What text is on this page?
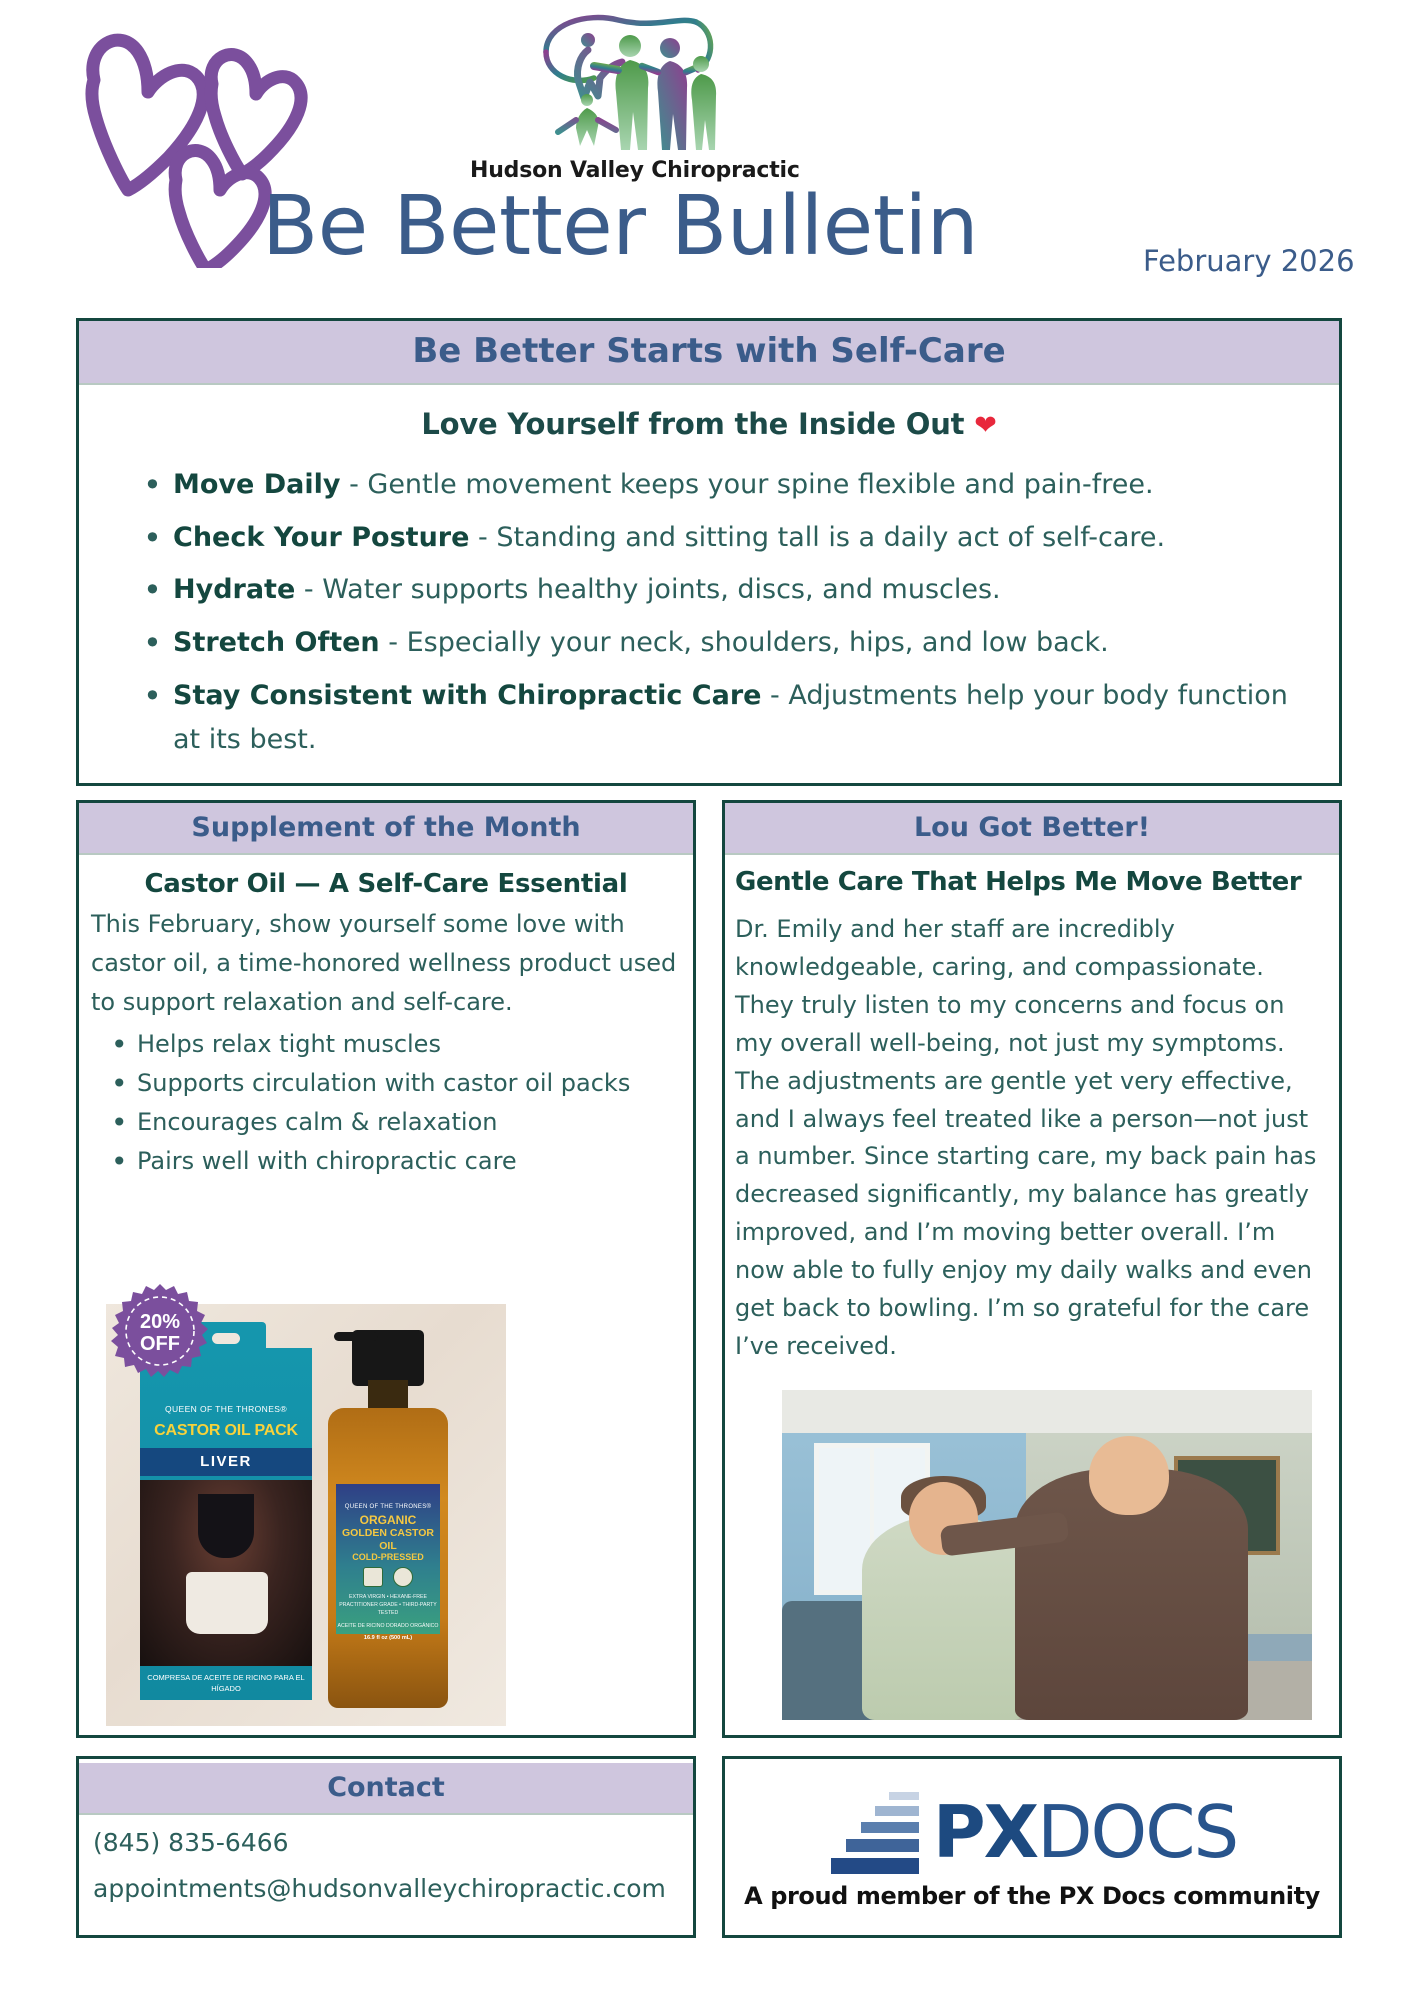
Hudson Valley Chiropractic
Be Better Bulletin	February 2026
Be Better Starts with Self-Care
Love Yourself from the Inside Out ❤
• Move Daily - Gentle movement keeps your spine flexible and pain-free.
• Check Your Posture - Standing and sitting tall is a daily act of self-care.
• Hydrate - Water supports healthy joints, discs, and muscles.
• Stretch Often - Especially your neck, shoulders, hips, and low back.
• Stay Consistent with Chiropractic Care - Adjustments help your body function at its best.
Supplement of the Month
Castor Oil — A Self-Care Essential
This February, show yourself some love with castor oil, a time-honored wellness product used to support relaxation and self-care.
• Helps relax tight muscles
• Supports circulation with castor oil packs
• Encourages calm & relaxation
• Pairs well with chiropractic care
QUEEN OF THE THRONES®
CASTOR OIL PACK
LIVER
COMPRESA DE ACEITE DE RICINO PARA EL HÍGADO
QUEEN OF THE THRONES®
ORGANIC
GOLDEN CASTOR OIL
COLD-PRESSED

EXTRA VIRGIN • HEXANE-FREE PRACTITIONER GRADE • THIRD-PARTY TESTED
ACEITE DE RICINO DORADO ORGÁNICO
16.9 fl oz (500 mL)
20%
OFF
Lou Got Better!
Gentle Care That Helps Me Move Better
Dr. Emily and her staff are incredibly knowledgeable, caring, and compassionate. They truly listen to my concerns and focus on my overall well-being, not just my symptoms. The adjustments are gentle yet very effective, and I always feel treated like a person—not just a number. Since starting care, my back pain has decreased significantly, my balance has greatly improved, and I’m moving better overall. I’m now able to fully enjoy my daily walks and even get back to bowling. I’m so grateful for the care I’ve received.
Contact
(845) 835-6466
appointments@hudsonvalleychiropractic.com
PXDOCS
A proud member of the PX Docs community
